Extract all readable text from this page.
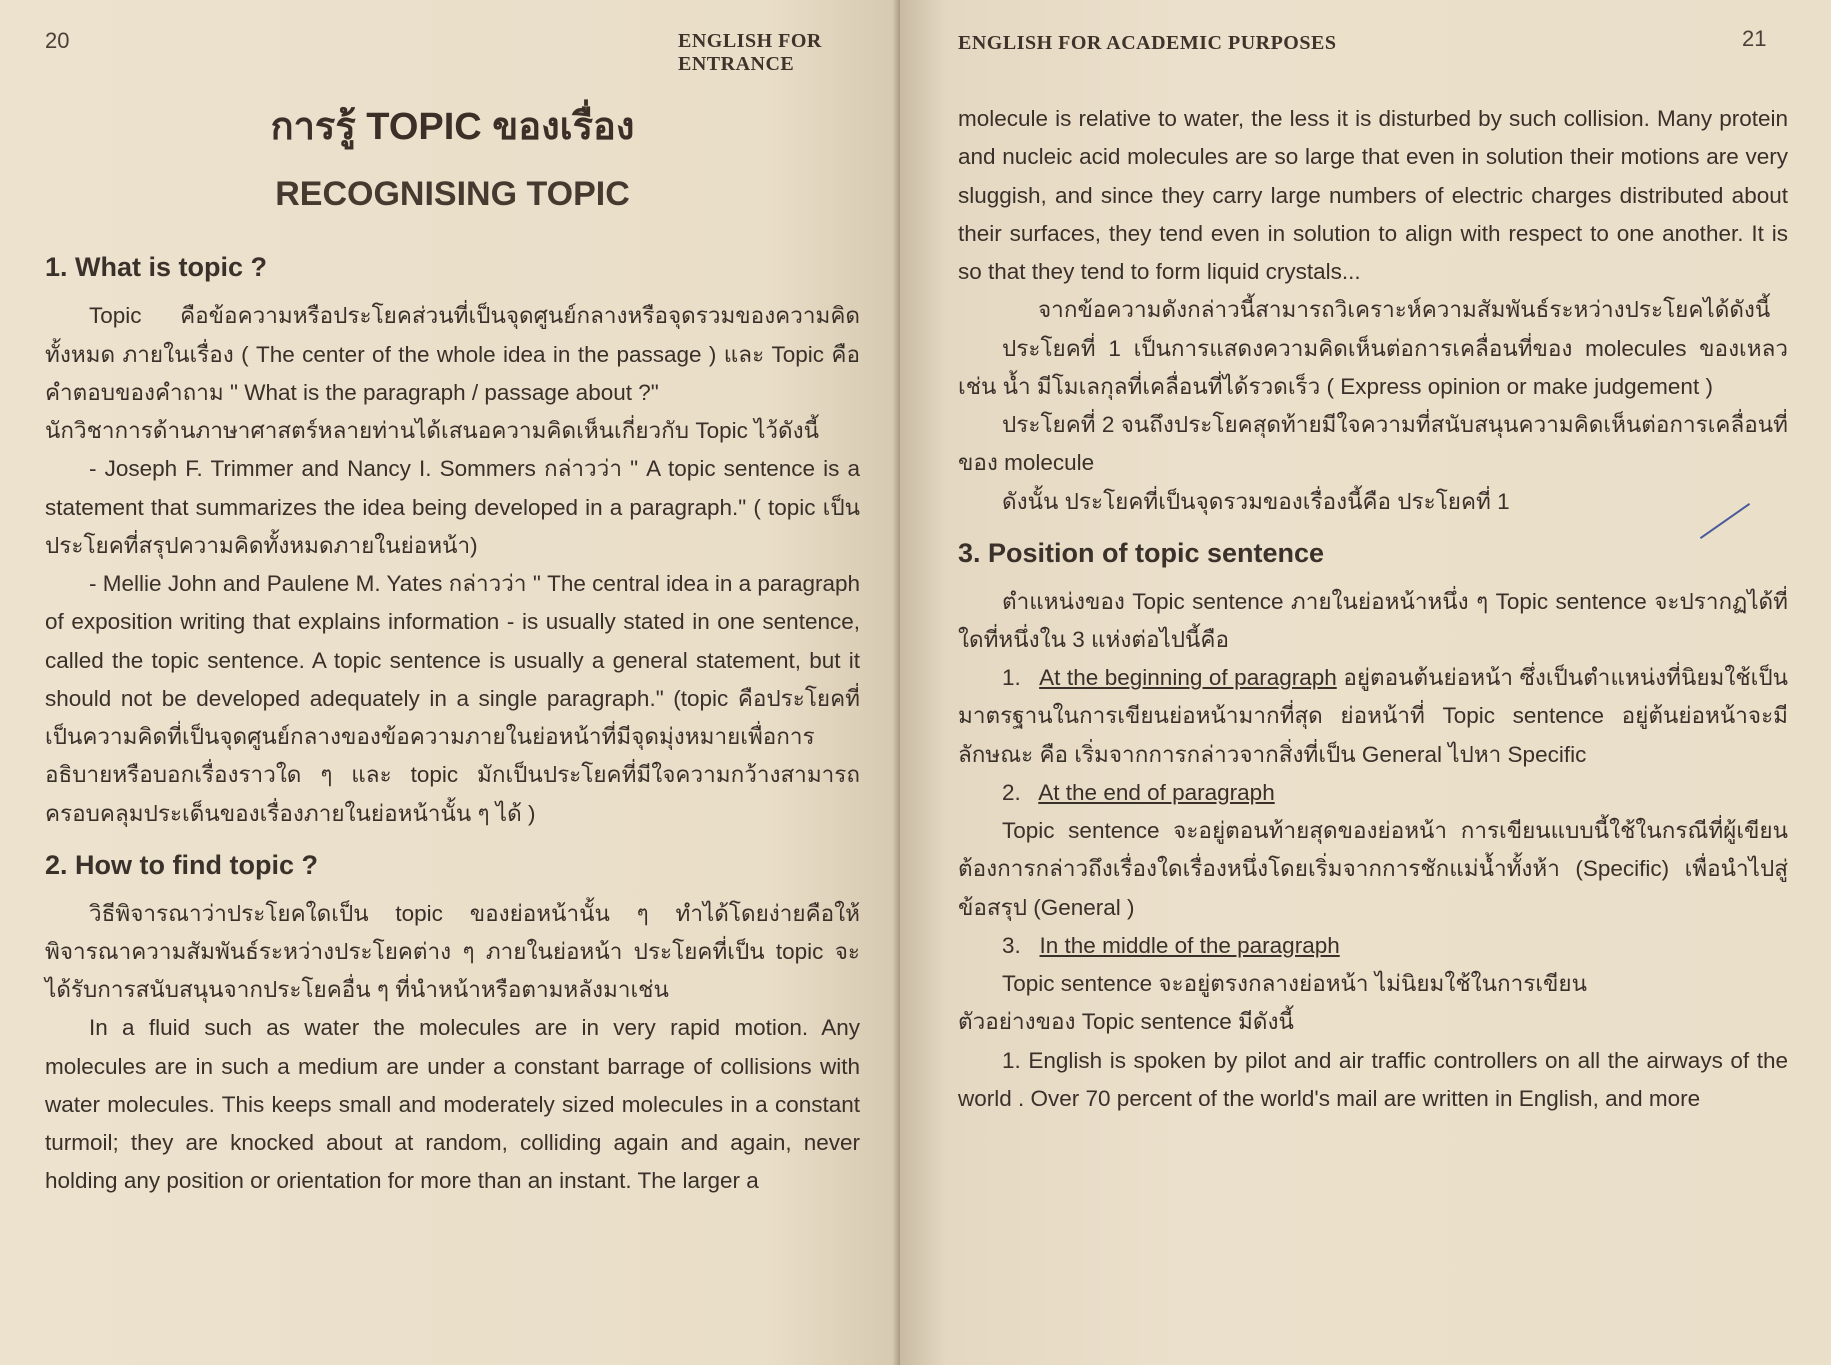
20	ENGLISH FOR ENTRANCE

การรู้ TOPIC ของเรื่อง

RECOGNISING TOPIC

1. What is topic ?

Topic คือข้อความหรือประโยคส่วนที่เป็นจุดศูนย์กลางหรือจุดรวมของความคิดทั้งหมด ภายในเรื่อง ( The center of the whole idea in the passage ) และ Topic คือคำตอบของคำถาม " What is the paragraph / passage about ?"

นักวิชาการด้านภาษาศาสตร์หลายท่านได้เสนอความคิดเห็นเกี่ยวกับ Topic ไว้ดังนี้

- Joseph F. Trimmer and Nancy I. Sommers กล่าวว่า " A topic sentence is a statement that summarizes the idea being developed in a paragraph." ( topic เป็นประโยคที่สรุปความคิดทั้งหมดภายในย่อหน้า)

- Mellie John and Paulene M. Yates กล่าวว่า " The central idea in a paragraph of exposition writing that explains information - is usually stated in one sentence, called the topic sentence. A topic sentence is usually a general statement, but it should not be developed adequately in a single paragraph." (topic คือประโยคที่เป็นความคิดที่เป็นจุดศูนย์กลางของข้อความภายในย่อหน้าที่มีจุดมุ่งหมายเพื่อการอธิบายหรือบอกเรื่องราวใด ๆ และ topic มักเป็นประโยคที่มีใจความกว้างสามารถครอบคลุมประเด็นของเรื่องภายในย่อหน้านั้น ๆ ได้ )

2. How to find topic ?

วิธีพิจารณาว่าประโยคใดเป็น topic ของย่อหน้านั้น ๆ ทำได้โดยง่ายคือให้พิจารณาความสัมพันธ์ระหว่างประโยคต่าง ๆ ภายในย่อหน้า ประโยคที่เป็น topic จะได้รับการสนับสนุนจากประโยคอื่น ๆ ที่นำหน้าหรือตามหลังมาเช่น

In a fluid such as water the molecules are in very rapid motion. Any molecules are in such a medium are under a constant barrage of collisions with water molecules. This keeps small and moderately sized molecules in a constant turmoil; they are knocked about at random, colliding again and again, never holding any position or orientation for more than an instant. The larger a

ENGLISH FOR ACADEMIC PURPOSES	21

molecule is relative to water, the less it is disturbed by such collision. Many protein and nucleic acid molecules are so large that even in solution their motions are very sluggish, and since they carry large numbers of electric charges distributed about their surfaces, they tend even in solution to align with respect to one another. It is so that they tend to form liquid crystals...

จากข้อความดังกล่าวนี้สามารถวิเคราะห์ความสัมพันธ์ระหว่างประโยคได้ดังนี้

ประโยคที่ 1 เป็นการแสดงความคิดเห็นต่อการเคลื่อนที่ของ molecules ของเหลว เช่น น้ำ มีโมเลกุลที่เคลื่อนที่ได้รวดเร็ว ( Express opinion or make judgement )

ประโยคที่ 2 จนถึงประโยคสุดท้ายมีใจความที่สนับสนุนความคิดเห็นต่อการเคลื่อนที่ของ molecule

ดังนั้น ประโยคที่เป็นจุดรวมของเรื่องนี้คือ ประโยคที่ 1

3. Position of topic sentence

ตำแหน่งของ Topic sentence ภายในย่อหน้าหนึ่ง ๆ Topic sentence จะปรากฏได้ที่ใดที่หนึ่งใน 3 แห่งต่อไปนี้คือ

1. At the beginning of paragraph อยู่ตอนต้นย่อหน้า ซึ่งเป็นตำแหน่งที่นิยมใช้เป็นมาตรฐานในการเขียนย่อหน้ามากที่สุด ย่อหน้าที่ Topic sentence อยู่ต้นย่อหน้าจะมีลักษณะ คือ เริ่มจากการกล่าวจากสิ่งที่เป็น General ไปหา Specific

2. At the end of paragraph

Topic sentence จะอยู่ตอนท้ายสุดของย่อหน้า การเขียนแบบนี้ใช้ในกรณีที่ผู้เขียนต้องการกล่าวถึงเรื่องใดเรื่องหนึ่งโดยเริ่มจากการชักแม่น้ำทั้งห้า (Specific) เพื่อนำไปสู่ข้อสรุป (General )

3. In the middle of the paragraph

Topic sentence จะอยู่ตรงกลางย่อหน้า ไม่นิยมใช้ในการเขียน

ตัวอย่างของ Topic sentence มีดังนี้

1. English is spoken by pilot and air traffic controllers on all the airways of the world . Over 70 percent of the world's mail are written in English, and more
